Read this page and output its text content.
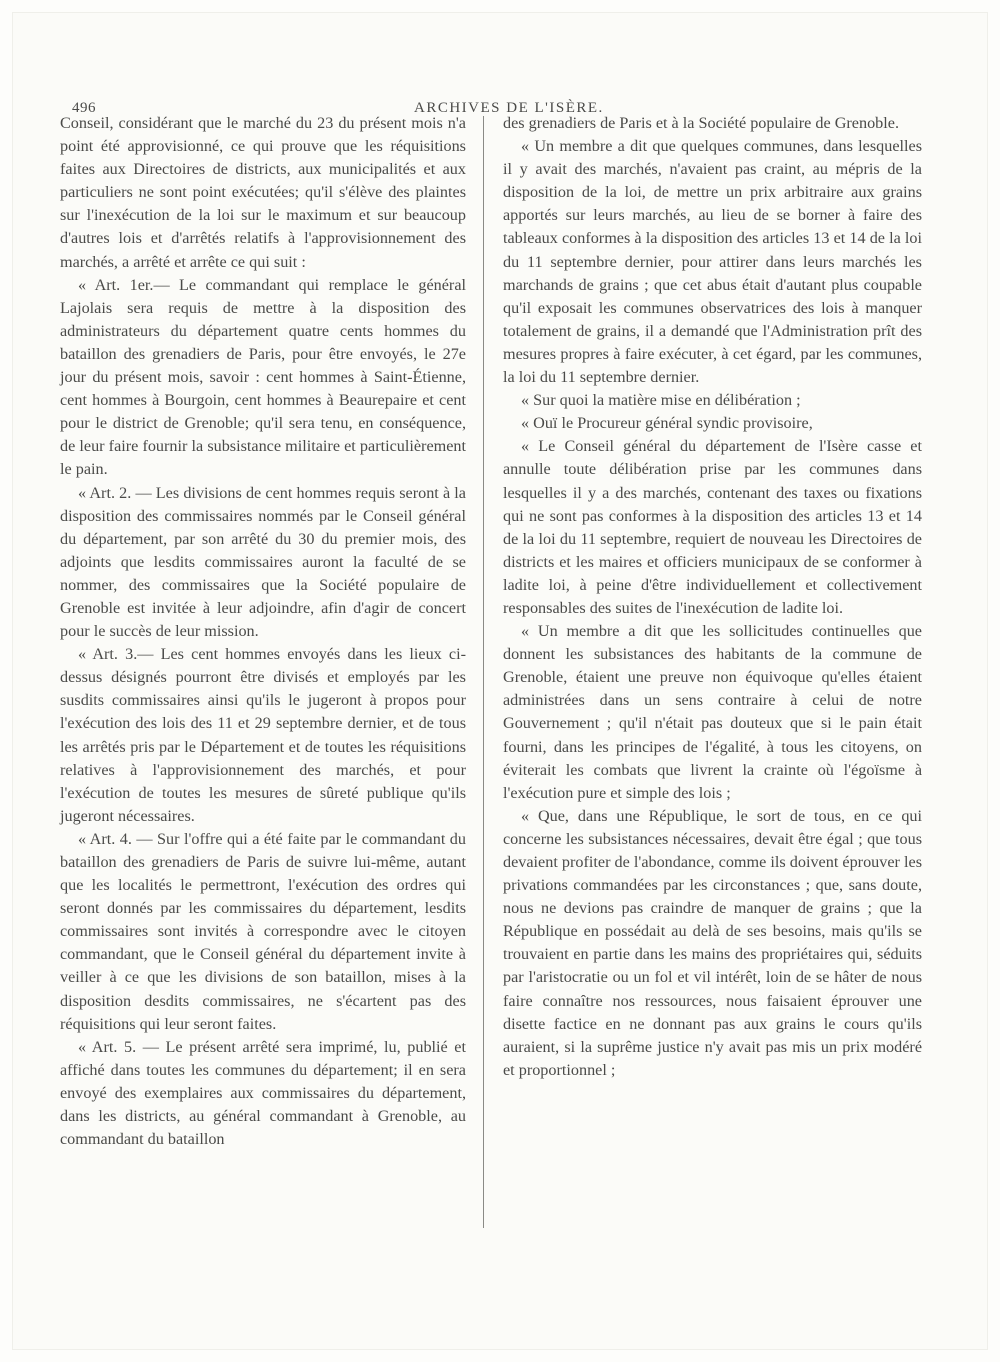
496	ARCHIVES DE L'ISÈRE.

Conseil, considérant que le marché du 23 du présent mois n'a point été approvisionné, ce qui prouve que les réquisitions faites aux Directoires de districts, aux municipalités et aux particuliers ne sont point exécutées; qu'il s'élève des plaintes sur l'inexécution de la loi sur le maximum et sur beaucoup d'autres lois et d'arrêtés relatifs à l'approvisionnement des marchés, a arrêté et arrête ce qui suit :

« Art. 1er.— Le commandant qui remplace le général Lajolais sera requis de mettre à la disposition des administrateurs du département quatre cents hommes du bataillon des grenadiers de Paris, pour être envoyés, le 27e jour du présent mois, savoir : cent hommes à Saint-Étienne, cent hommes à Bourgoin, cent hommes à Beaurepaire et cent pour le district de Grenoble; qu'il sera tenu, en conséquence, de leur faire fournir la subsistance militaire et particulièrement le pain.

« Art. 2. — Les divisions de cent hommes requis seront à la disposition des commissaires nommés par le Conseil général du département, par son arrêté du 30 du premier mois, des adjoints que lesdits commissaires auront la faculté de se nommer, des commissaires que la Société populaire de Grenoble est invitée à leur adjoindre, afin d'agir de concert pour le succès de leur mission.

« Art. 3.— Les cent hommes envoyés dans les lieux ci-dessus désignés pourront être divisés et employés par les susdits commissaires ainsi qu'ils le jugeront à propos pour l'exécution des lois des 11 et 29 septembre dernier, et de tous les arrêtés pris par le Département et de toutes les réquisitions relatives à l'approvisionnement des marchés, et pour l'exécution de toutes les mesures de sûreté publique qu'ils jugeront nécessaires.

« Art. 4. — Sur l'offre qui a été faite par le commandant du bataillon des grenadiers de Paris de suivre lui-même, autant que les localités le permettront, l'exécution des ordres qui seront donnés par les commissaires du département, lesdits commissaires sont invités à correspondre avec le citoyen commandant, que le Conseil général du département invite à veiller à ce que les divisions de son bataillon, mises à la disposition desdits commissaires, ne s'écartent pas des réquisitions qui leur seront faites.

« Art. 5. — Le présent arrêté sera imprimé, lu, publié et affiché dans toutes les communes du département; il en sera envoyé des exemplaires aux commissaires du département, dans les districts, au général commandant à Grenoble, au commandant du bataillon

des grenadiers de Paris et à la Société populaire de Grenoble.

« Un membre a dit que quelques communes, dans lesquelles il y avait des marchés, n'avaient pas craint, au mépris de la disposition de la loi, de mettre un prix arbitraire aux grains apportés sur leurs marchés, au lieu de se borner à faire des tableaux conformes à la disposition des articles 13 et 14 de la loi du 11 septembre dernier, pour attirer dans leurs marchés les marchands de grains ; que cet abus était d'autant plus coupable qu'il exposait les communes observatrices des lois à manquer totalement de grains, il a demandé que l'Administration prît des mesures propres à faire exécuter, à cet égard, par les communes, la loi du 11 septembre dernier.

« Sur quoi la matière mise en délibération ;

« Ouï le Procureur général syndic provisoire,

« Le Conseil général du département de l'Isère casse et annulle toute délibération prise par les communes dans lesquelles il y a des marchés, contenant des taxes ou fixations qui ne sont pas conformes à la disposition des articles 13 et 14 de la loi du 11 septembre, requiert de nouveau les Directoires de districts et les maires et officiers municipaux de se conformer à ladite loi, à peine d'être individuellement et collectivement responsables des suites de l'inexécution de ladite loi.

« Un membre a dit que les sollicitudes continuelles que donnent les subsistances des habitants de la commune de Grenoble, étaient une preuve non équivoque qu'elles étaient administrées dans un sens contraire à celui de notre Gouvernement ; qu'il n'était pas douteux que si le pain était fourni, dans les principes de l'égalité, à tous les citoyens, on éviterait les combats que livrent la crainte où l'égoïsme à l'exécution pure et simple des lois ;

« Que, dans une République, le sort de tous, en ce qui concerne les subsistances nécessaires, devait être égal ; que tous devaient profiter de l'abondance, comme ils doivent éprouver les privations commandées par les circonstances ; que, sans doute, nous ne devions pas craindre de manquer de grains ; que la République en possédait au delà de ses besoins, mais qu'ils se trouvaient en partie dans les mains des propriétaires qui, séduits par l'aristocratie ou un fol et vil intérêt, loin de se hâter de nous faire connaître nos ressources, nous faisaient éprouver une disette factice en ne donnant pas aux grains le cours qu'ils auraient, si la suprême justice n'y avait pas mis un prix modéré et proportionnel ;
